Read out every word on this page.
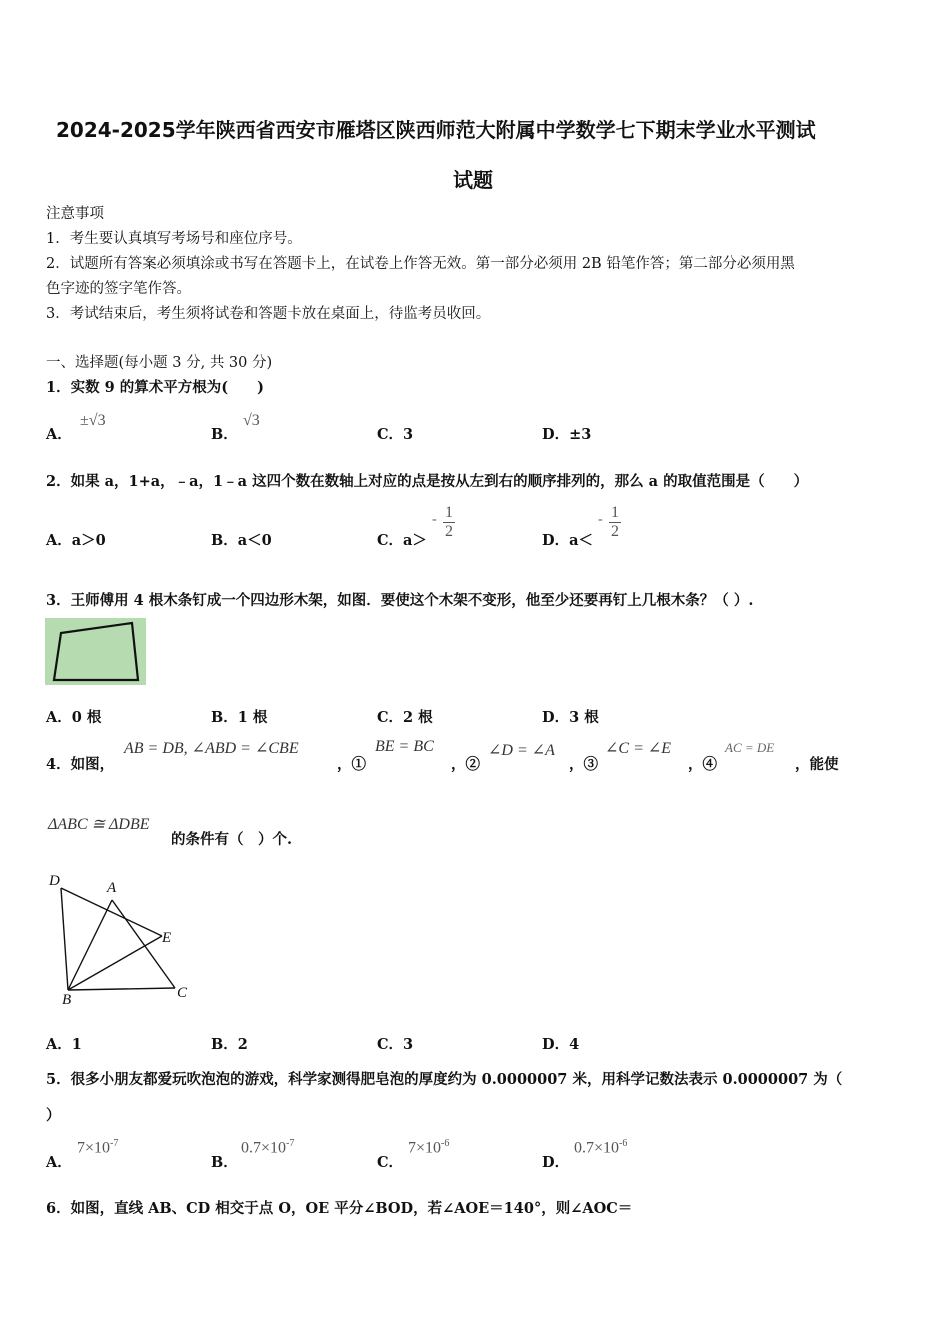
2024-2025学年陕西省西安市雁塔区陕西师范大附属中学数学七下期末学业水平测试
试题
注意事项
1．考生要认真填写考场号和座位序号。
2．试题所有答案必须填涂或书写在答题卡上，在试卷上作答无效。第一部分必须用 2B 铅笔作答；第二部分必须用黑
色字迹的签字笔作答。
3．考试结束后，考生须将试卷和答题卡放在桌面上，待监考员收回。
一、选择题(每小题 3 分, 共 30 分)
1．实数 9 的算术平方根为(　　)
A．
±√3
B．
√3
C．3	D．±3
2．如果 a，1+a，﹣a，1﹣a 这四个数在数轴上对应的点是按从左到右的顺序排列的，那么 a 的取值范围是（　　）
A．a＞0	B．a＜0	C．a＞
- 1
2
D．a＜
- 1
2
3．王师傅用 4 根木条钉成一个四边形木架，如图．要使这个木架不变形，他至少还要再钉上几根木条？（ ）.
A．0 根	B．1 根	C．2 根	D．3 根
4．如图，
AB = DB, ∠ABD = ∠CBE
，①
BE = BC
，②
∠D = ∠A
，③
∠C = ∠E
，④
AC = DE
，能使
ΔABC ≅ ΔDBE
的条件有（　）个.
D	A
E
B	C
A．1	B．2	C．3	D．4
5．很多小朋友都爱玩吹泡泡的游戏，科学家测得肥皂泡的厚度约为 0.0000007 米，用科学记数法表示 0.0000007 为（
）
A．
$7\times 10^{-7}$
B．
$0.7\times 10^{-7}$
C．
$7\times 10^{-6}$
D．
$0.7\times 10^{-6}$
6．如图，直线 AB、CD 相交于点 O，OE 平分∠BOD，若∠AOE＝140°，则∠AOC＝
